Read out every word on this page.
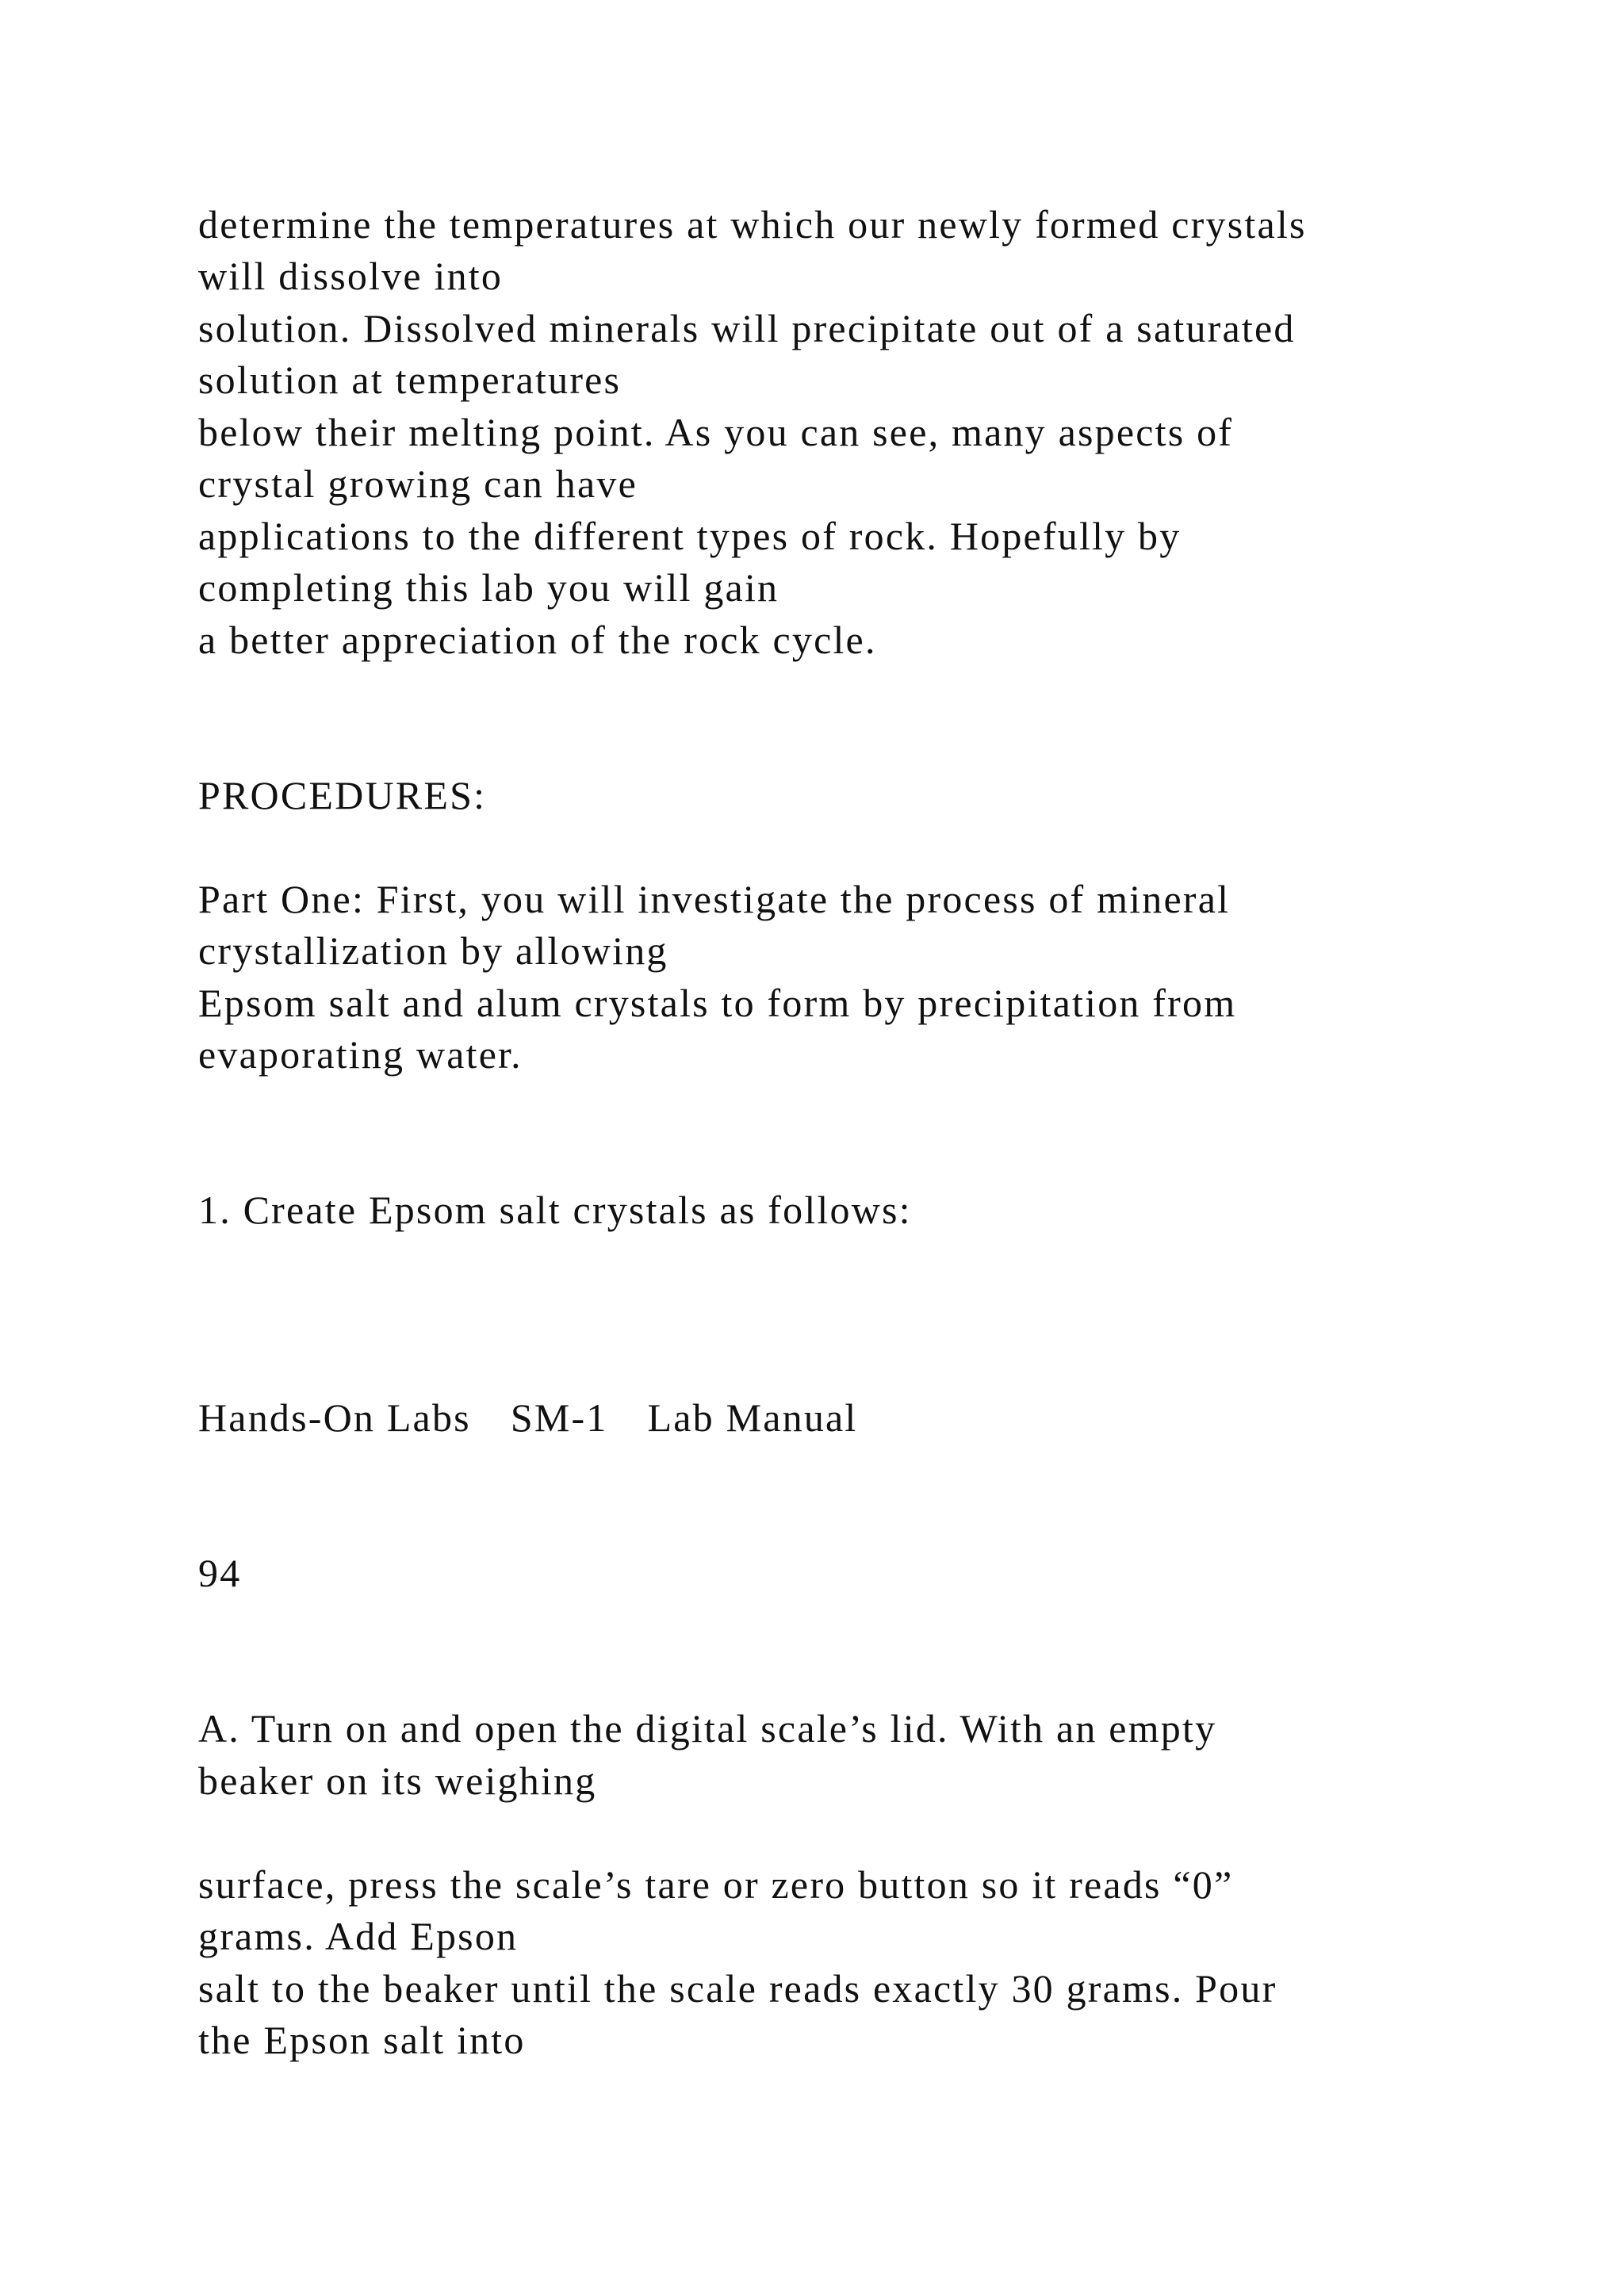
determine the temperatures at which our newly formed crystals

will dissolve into

solution. Dissolved minerals will precipitate out of a saturated

solution at temperatures

below their melting point. As you can see, many aspects of

crystal growing can have

applications to the different types of rock. Hopefully by

completing this lab you will gain

a better appreciation of the rock cycle.

PROCEDURES:

Part One: First, you will investigate the process of mineral

crystallization by allowing

Epsom salt and alum crystals to form by precipitation from

evaporating water.

1. Create Epsom salt crystals as follows:

Hands-On Labs SM-1 Lab Manual

94

A. Turn on and open the digital scale’s lid. With an empty

beaker on its weighing

surface, press the scale’s tare or zero button so it reads “0”

grams. Add Epson

salt to the beaker until the scale reads exactly 30 grams. Pour

the Epson salt into
